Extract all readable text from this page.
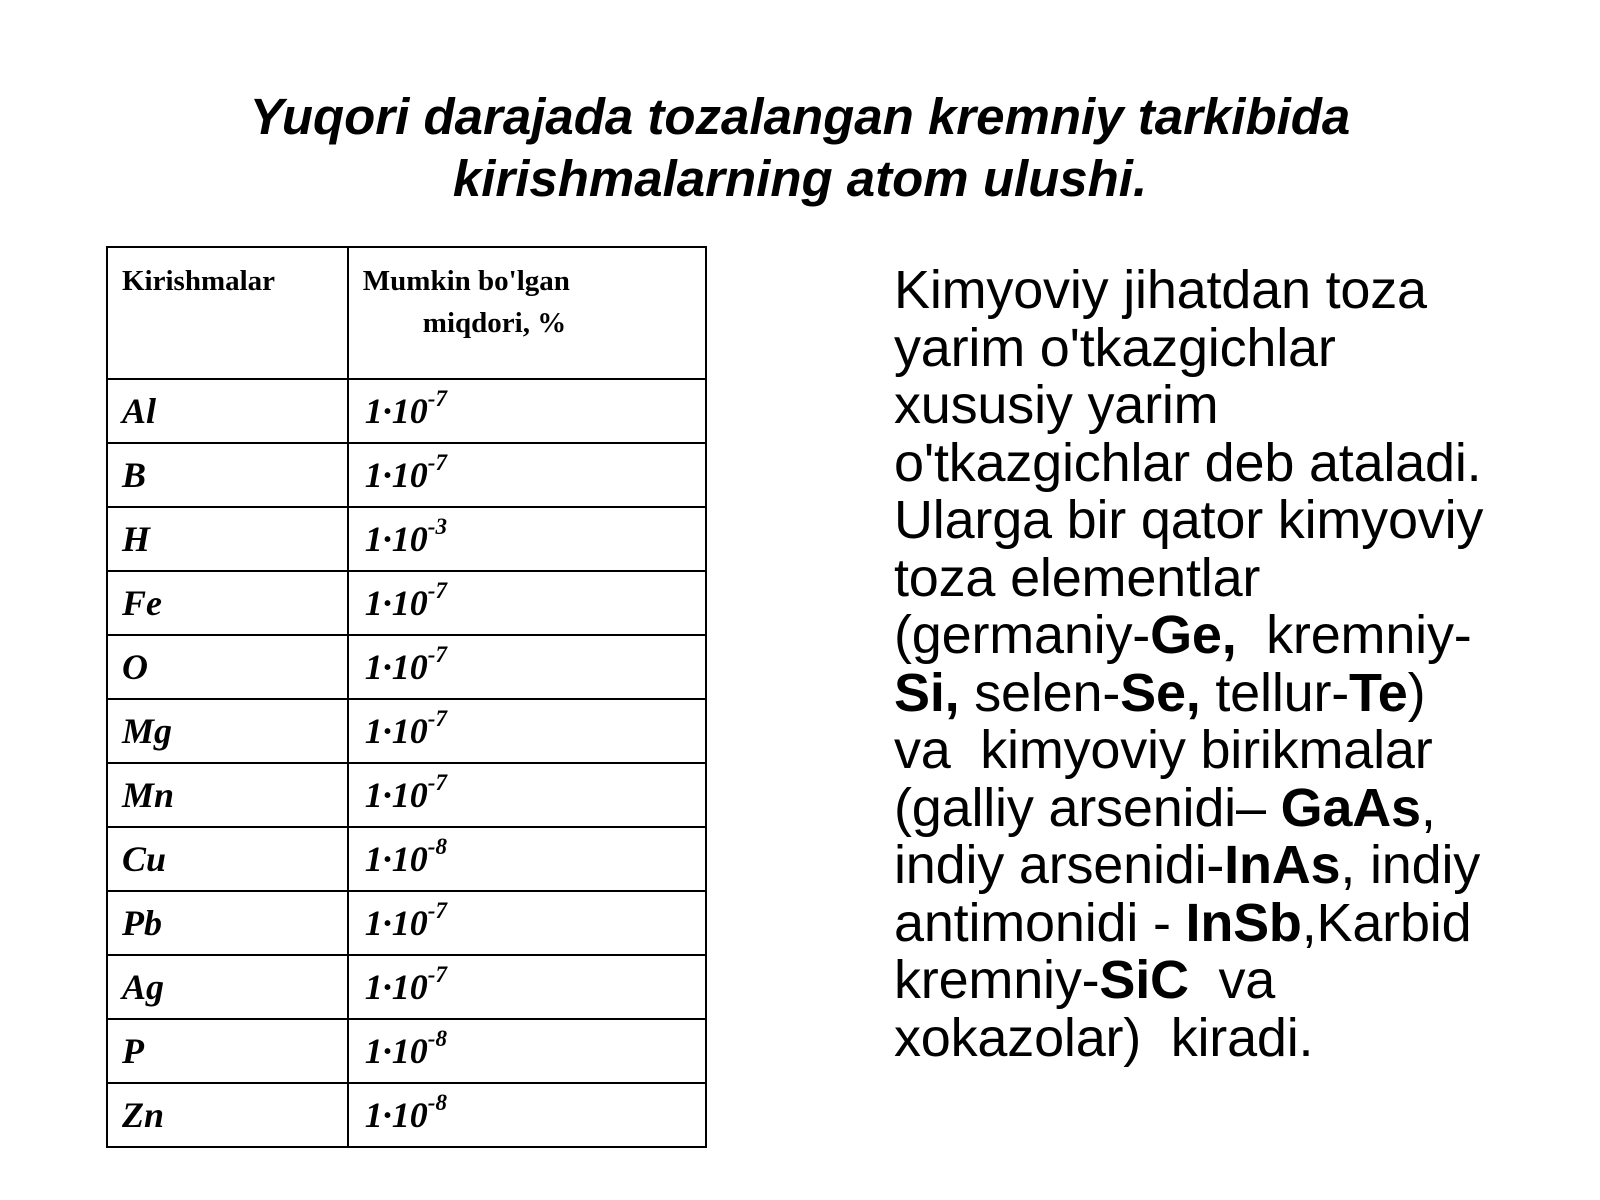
Yuqori darajada tozalangan kremniy tarkibida
kirishmalarning atom ulushi.
Kirishmalar	Mumkin bo'lgan
miqdori, %

Al	$1\cdot 10^{-7}$
B	$1\cdot 10^{-7}$
H	$1\cdot 10^{-3}$
Fe	$1\cdot 10^{-7}$
O	$1\cdot 10^{-7}$
Mg	$1\cdot 10^{-7}$
Mn	$1\cdot 10^{-7}$
Cu	$1\cdot 10^{-8}$
Pb	$1\cdot 10^{-7}$
Ag	$1\cdot 10^{-7}$
P	$1\cdot 10^{-8}$
Zn	$1\cdot 10^{-8}$
Kimyoviy jihatdan toza
yarim o'tkazgichlar
xususiy yarim
o'tkazgichlar deb ataladi.
Ularga bir qator kimyoviy
toza elementlar
(germaniy-Ge,  kremniy-
Si, selen-Se, tellur-Te)
va  kimyoviy birikmalar
(galliy arsenidi– GaAs,
indiy arsenidi-InAs, indiy
antimonidi - InSb,Karbid
kremniy-SiC  va
xokazolar)  kiradi.
